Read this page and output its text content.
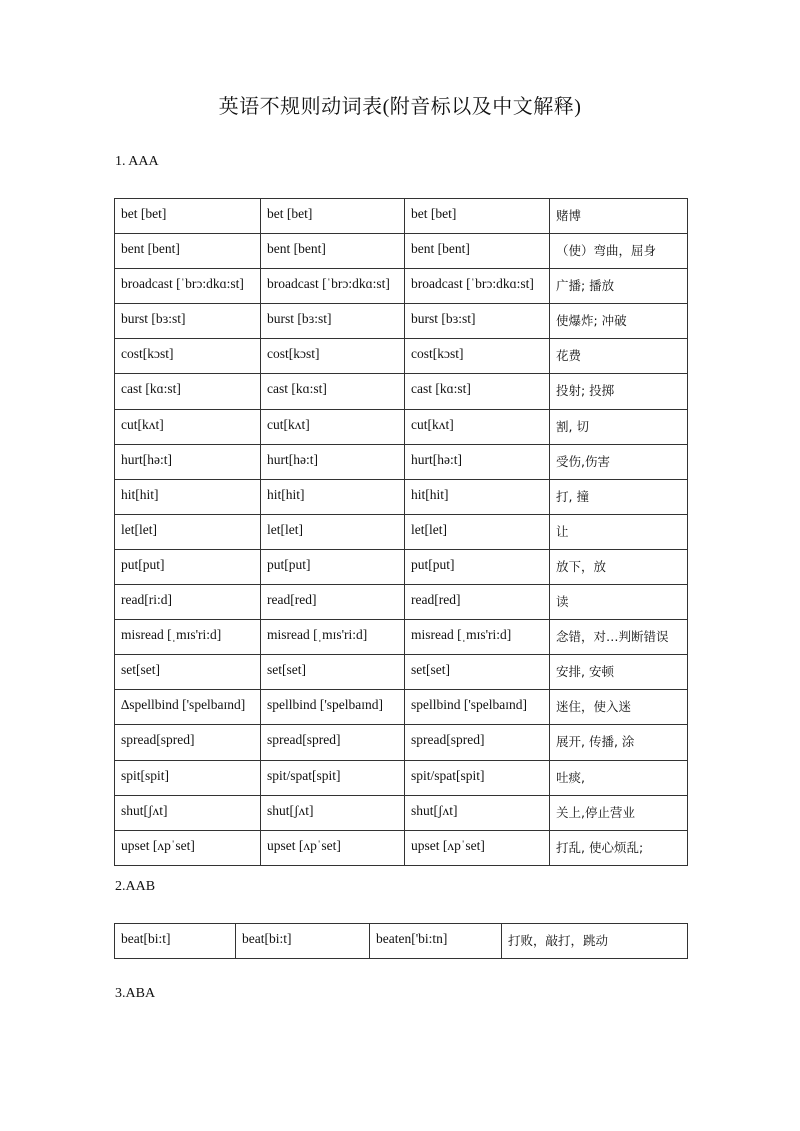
英语不规则动词表(附音标以及中文解释)
1. AAA
bet [bet]	bet [bet]	bet [bet]	赌博
bent [bent]	bent [bent]	bent [bent]	（使）弯曲，屈身
broadcast [ˈbrɔ:dkɑ:st]	broadcast [ˈbrɔ:dkɑ:st]	broadcast [ˈbrɔ:dkɑ:st]	广播; 播放
burst [bɜ:st]	burst [bɜ:st]	burst [bɜ:st]	使爆炸; 冲破
cost[kɔst]	cost[kɔst]	cost[kɔst]	花费
cast [kɑ:st]	cast [kɑ:st]	cast [kɑ:st]	投射; 投掷
cut[kʌt]	cut[kʌt]	cut[kʌt]	割, 切
hurt[hə:t]	hurt[hə:t]	hurt[hə:t]	受伤,伤害
hit[hit]	hit[hit]	hit[hit]	打, 撞
let[let]	let[let]	let[let]	让
put[put]	put[put]	put[put]	放下，放
read[ri:d]	read[red]	read[red]	读
misread [ˌmɪs'ri:d]	misread [ˌmɪs'ri:d]	misread [ˌmɪs'ri:d]	念错，对…判断错误
set[set]	set[set]	set[set]	安排, 安顿
∆spellbind ['spelbaɪnd]	spellbind ['spelbaɪnd]	spellbind ['spelbaɪnd]	迷住，使入迷
spread[spred]	spread[spred]	spread[spred]	展开, 传播, 涂
spit[spit]	spit/spat[spit]	spit/spat[spit]	吐痰,
shut[ʃʌt]	shut[ʃʌt]	shut[ʃʌt]	关上,停止营业
upset [ʌpˈset]	upset [ʌpˈset]	upset [ʌpˈset]	打乱, 使心烦乱;
2.AAB
beat[bi:t]	beat[bi:t]	beaten['bi:tn]	打败，敲打，跳动
3.ABA
